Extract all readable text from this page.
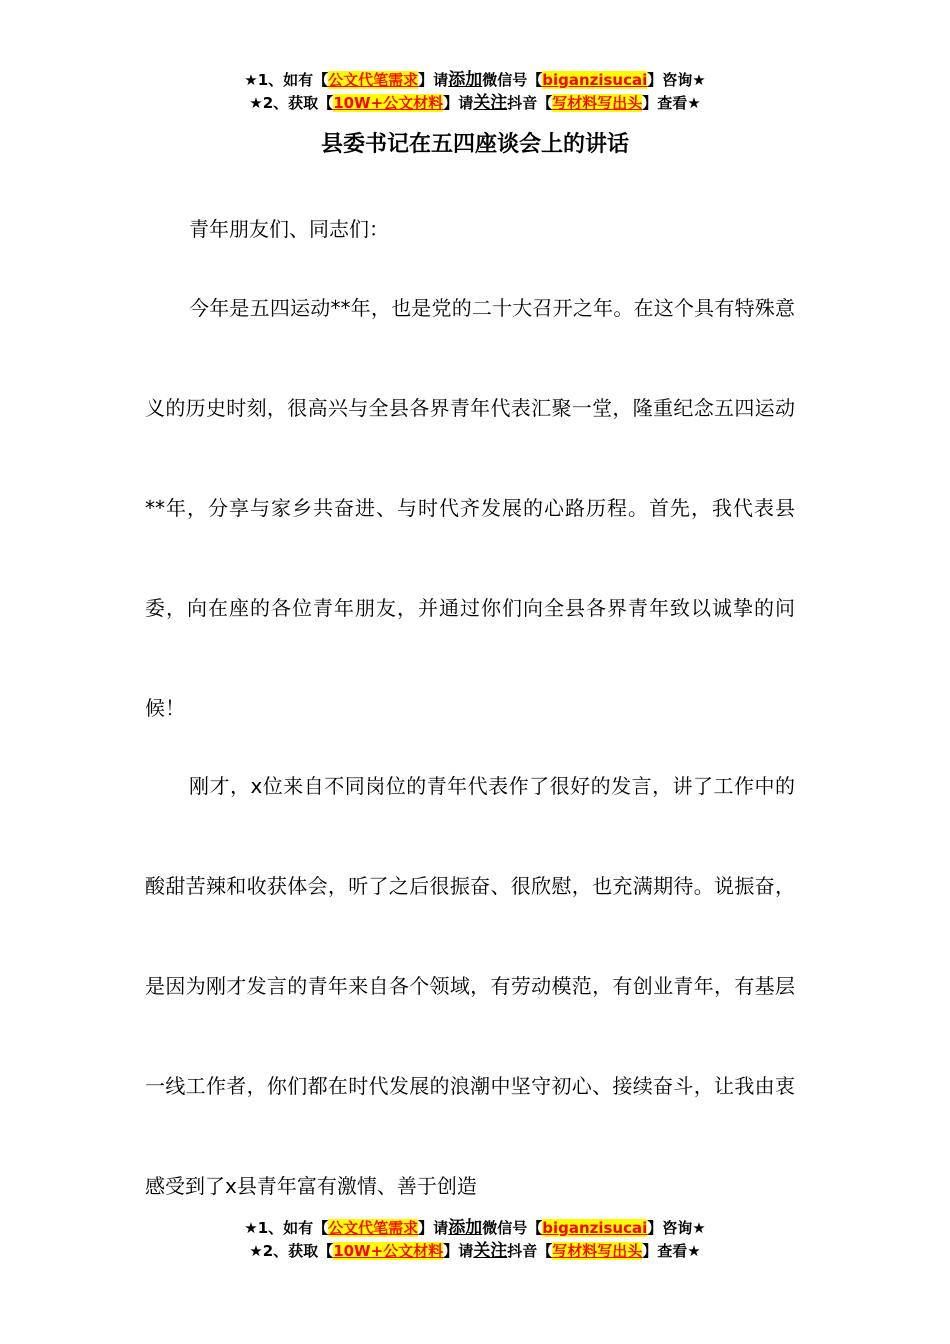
★1、如有【公文代笔需求】请添加微信号【biganzisucai】咨询★
★2、获取【10W+公文材料】请关注抖音【写材料写出头】查看★
县委书记在五四座谈会上的讲话

青年朋友们、同志们：

今年是五四运动**年，也是党的二十大召开之年。在这个具有特殊意义的历史时刻，很高兴与全县各界青年代表汇聚一堂，隆重纪念五四运动**年，分享与家乡共奋进、与时代齐发展的心路历程。首先，我代表县委，向在座的各位青年朋友，并通过你们向全县各界青年致以诚挚的问候！

刚才，x位来自不同岗位的青年代表作了很好的发言，讲了工作中的酸甜苦辣和收获体会，听了之后很振奋、很欣慰，也充满期待。说振奋，是因为刚才发言的青年来自各个领域，有劳动模范，有创业青年，有基层一线工作者，你们都在时代发展的浪潮中坚守初心、接续奋斗，让我由衷感受到了x县青年富有激情、善于创造

★1、如有【公文代笔需求】请添加微信号【biganzisucai】咨询★
★2、获取【10W+公文材料】请关注抖音【写材料写出头】查看★
